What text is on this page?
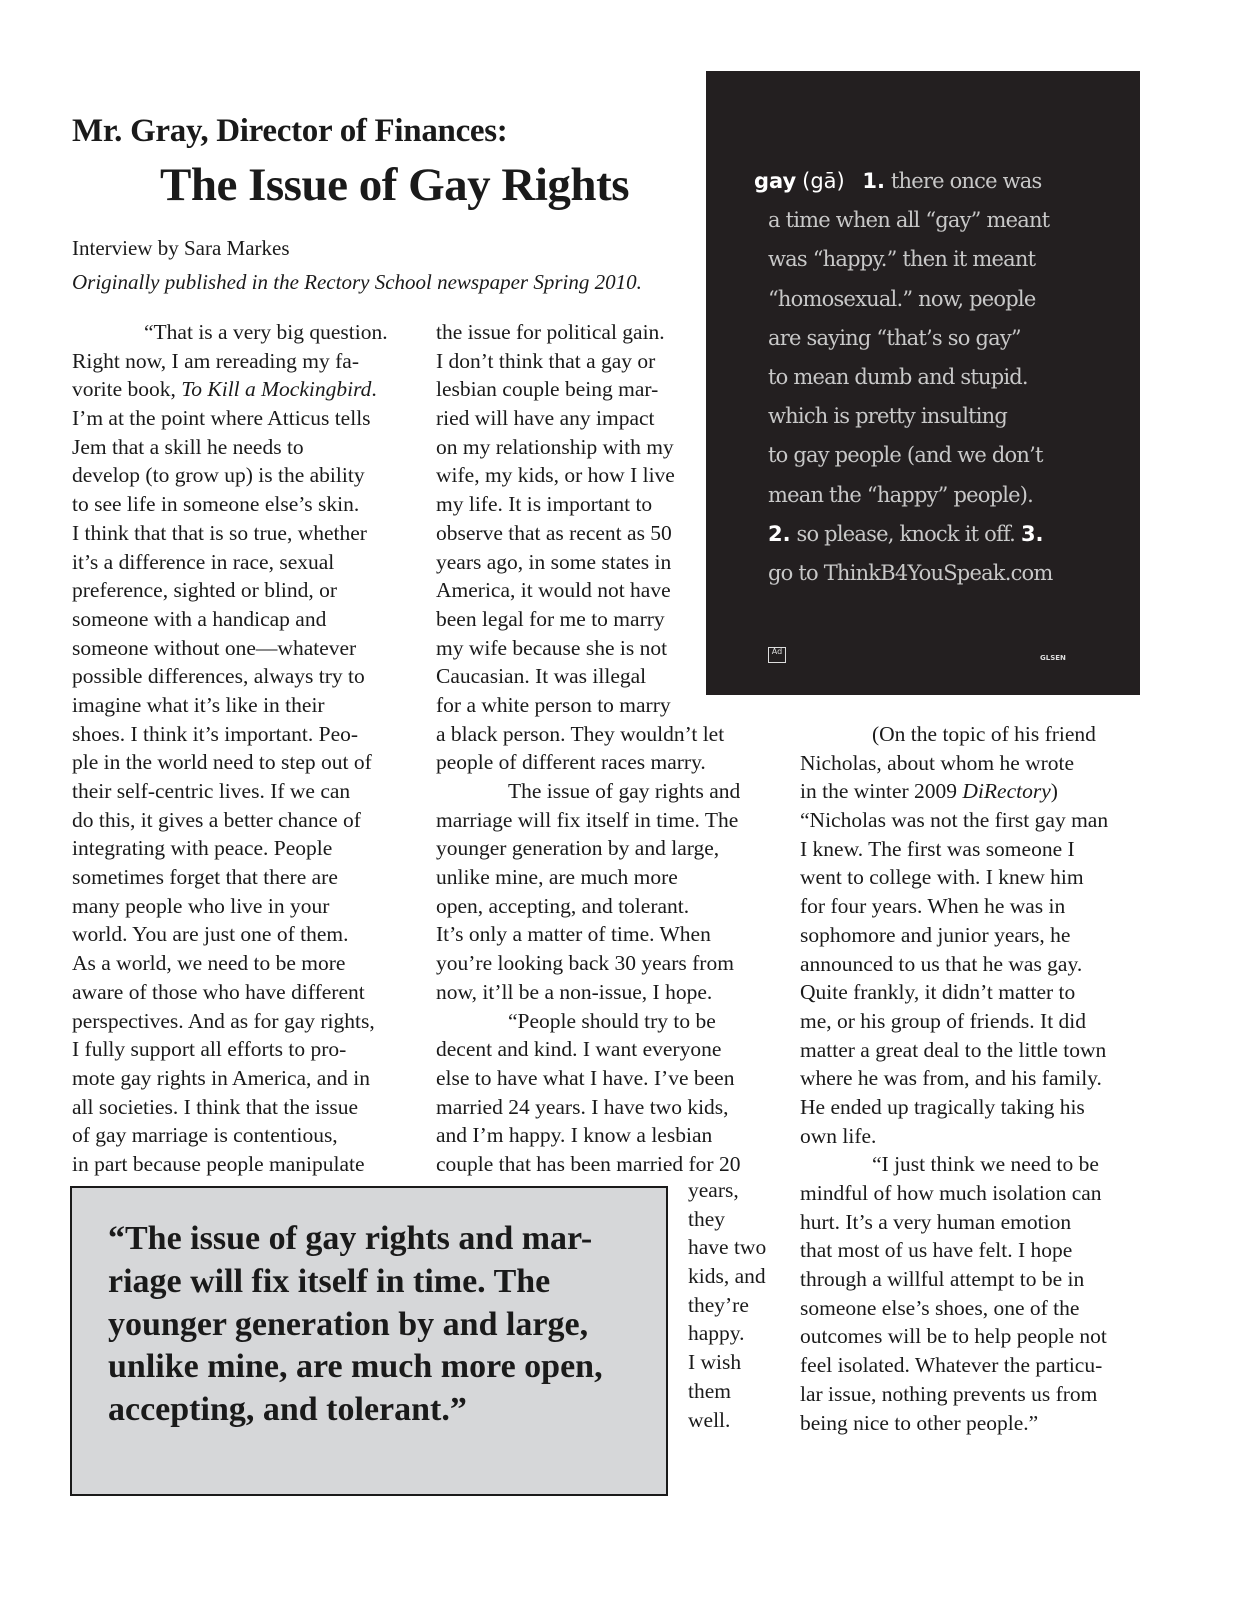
Mr. Gray, Director of Finances:
The Issue of Gay Rights
Interview by Sara Markes
Originally published in the Rectory School newspaper Spring 2010.
“That is a very big question.
Right now, I am rereading my fa-
vorite book, To Kill a Mockingbird.
I’m at the point where Atticus tells
Jem that a skill he needs to
develop (to grow up) is the ability
to see life in someone else’s skin.
I think that that is so true, whether
it’s a difference in race, sexual
preference, sighted or blind, or
someone with a handicap and
someone without one—whatever
possible differences, always try to
imagine what it’s like in their
shoes. I think it’s important. Peo-
ple in the world need to step out of
their self-centric lives. If we can
do this, it gives a better chance of
integrating with peace. People
sometimes forget that there are
many people who live in your
world. You are just one of them.
As a world, we need to be more
aware of those who have different
perspectives. And as for gay rights,
I fully support all efforts to pro-
mote gay rights in America, and in
all societies. I think that the issue
of gay marriage is contentious,
in part because people manipulate
the issue for political gain.
I don’t think that a gay or
lesbian couple being mar-
ried will have any impact
on my relationship with my
wife, my kids, or how I live
my life. It is important to
observe that as recent as 50
years ago, in some states in
America, it would not have
been legal for me to marry
my wife because she is not
Caucasian. It was illegal
for a white person to marry
a black person. They wouldn’t let
people of different races marry.
The issue of gay rights and
marriage will fix itself in time. The
younger generation by and large,
unlike mine, are much more
open, accepting, and tolerant.
It’s only a matter of time. When
you’re looking back 30 years from
now, it’ll be a non-issue, I hope.
“People should try to be
decent and kind. I want everyone
else to have what I have. I’ve been
married 24 years. I have two kids,
and I’m happy. I know a lesbian
couple that has been married for 20
years,
they
have two
kids, and
they’re
happy.
I wish
them
well.
(On the topic of his friend
Nicholas, about whom he wrote
in the winter 2009 DiRectory)
“Nicholas was not the first gay man
I knew. The first was someone I
went to college with. I knew him
for four years. When he was in
sophomore and junior years, he
announced to us that he was gay.
Quite frankly, it didn’t matter to
me, or his group of friends. It did
matter a great deal to the little town
where he was from, and his family.
He ended up tragically taking his
own life.
“I just think we need to be
mindful of how much isolation can
hurt. It’s a very human emotion
that most of us have felt. I hope
through a willful attempt to be in
someone else’s shoes, one of the
outcomes will be to help people not
feel isolated. Whatever the particu-
lar issue, nothing prevents us from
being nice to other people.”
gay (gā) 1. there once was
a time when all “gay” meant
was “happy.” then it meant
“homosexual.” now, people
are saying “that’s so gay”
to mean dumb and stupid.
which is pretty insulting
to gay people (and we don’t
mean the “happy” people).
2. so please, knock it off. 3.
go to ThinkB4YouSpeak.com
Ad
GLSEN
“The issue of gay rights and mar-
riage will fix itself in time. The
younger generation by and large,
unlike mine, are much more open,
accepting, and tolerant.”
